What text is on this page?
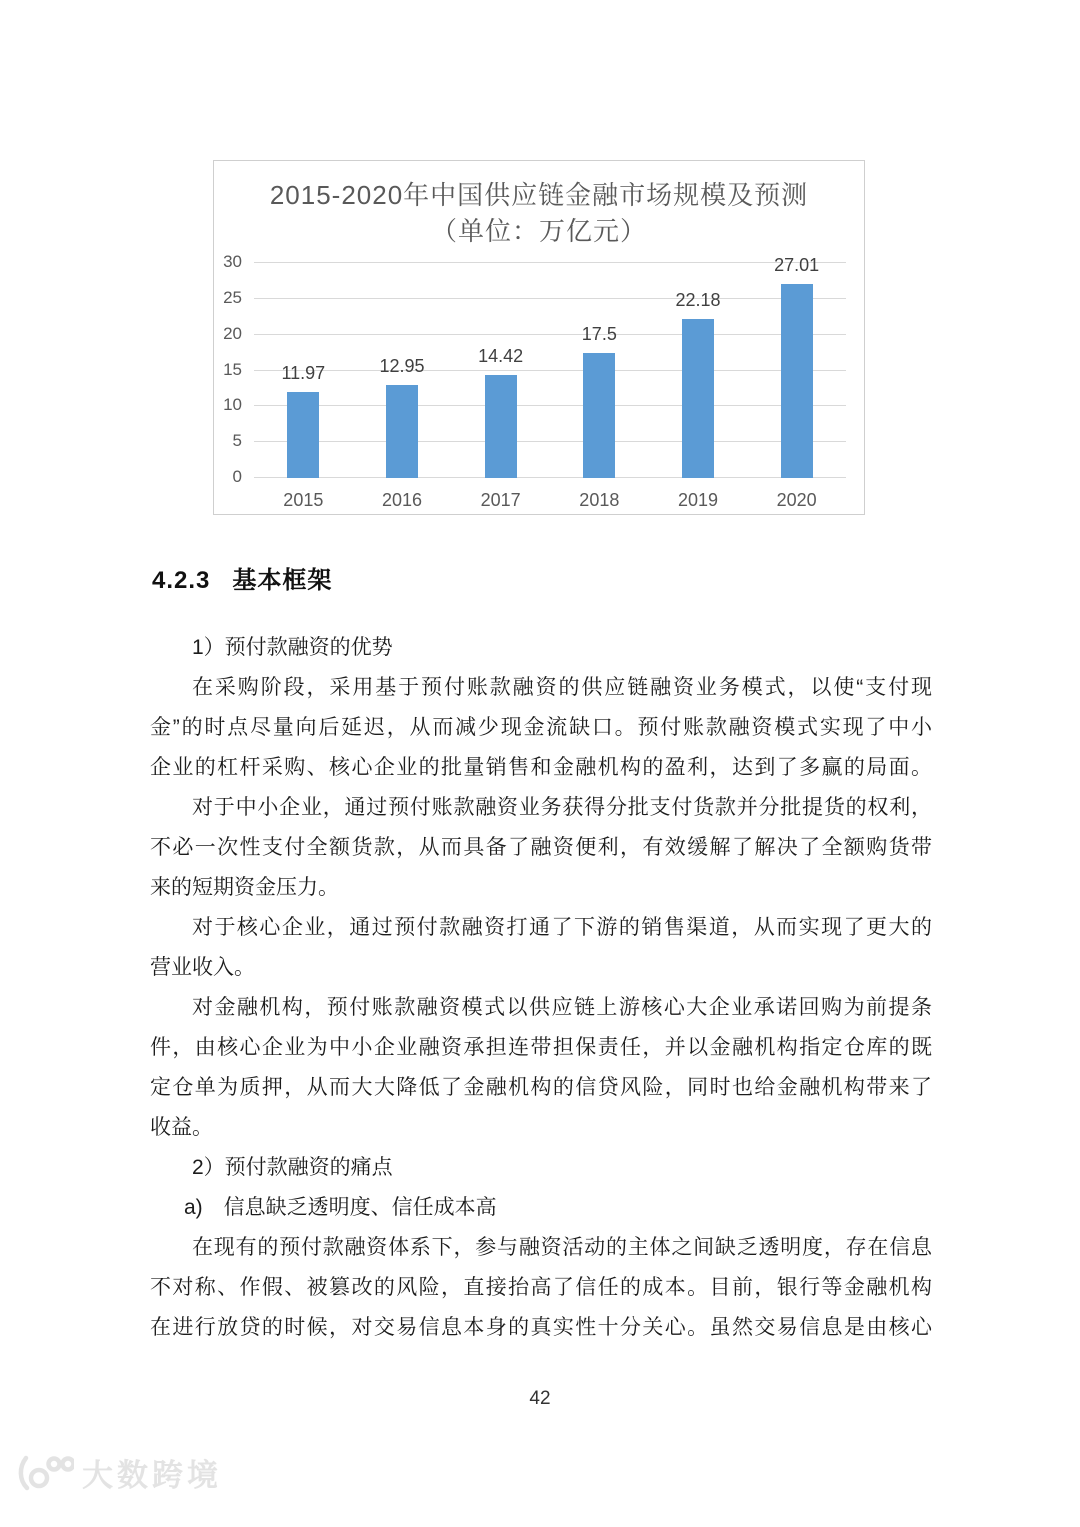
2015-2020年中国供应链金融市场规模及预测
（单位：万亿元）
0
5
10
15
20
25
30
2015
11.97
2016
12.95
2017
14.42
2018
17.5
2019
22.18
2020
27.01
4.2.3 基本框架
1）预付款融资的优势
在采购阶段，采用基于预付账款融资的供应链融资业务模式，以使“支付现
金”的时点尽量向后延迟，从而减少现金流缺口。预付账款融资模式实现了中小
企业的杠杆采购、核心企业的批量销售和金融机构的盈利，达到了多赢的局面。
对于中小企业，通过预付账款融资业务获得分批支付货款并分批提货的权利，
不必一次性支付全额货款，从而具备了融资便利，有效缓解了解决了全额购货带
来的短期资金压力。
对于核心企业，通过预付款融资打通了下游的销售渠道，从而实现了更大的
营业收入。
对金融机构，预付账款融资模式以供应链上游核心大企业承诺回购为前提条
件，由核心企业为中小企业融资承担连带担保责任，并以金融机构指定仓库的既
定仓单为质押，从而大大降低了金融机构的信贷风险，同时也给金融机构带来了
收益。
2）预付款融资的痛点
a)　信息缺乏透明度、信任成本高
在现有的预付款融资体系下，参与融资活动的主体之间缺乏透明度，存在信息
不对称、作假、被篡改的风险，直接抬高了信任的成本。目前，银行等金融机构
在进行放贷的时候，对交易信息本身的真实性十分关心。虽然交易信息是由核心
42
大数跨境
